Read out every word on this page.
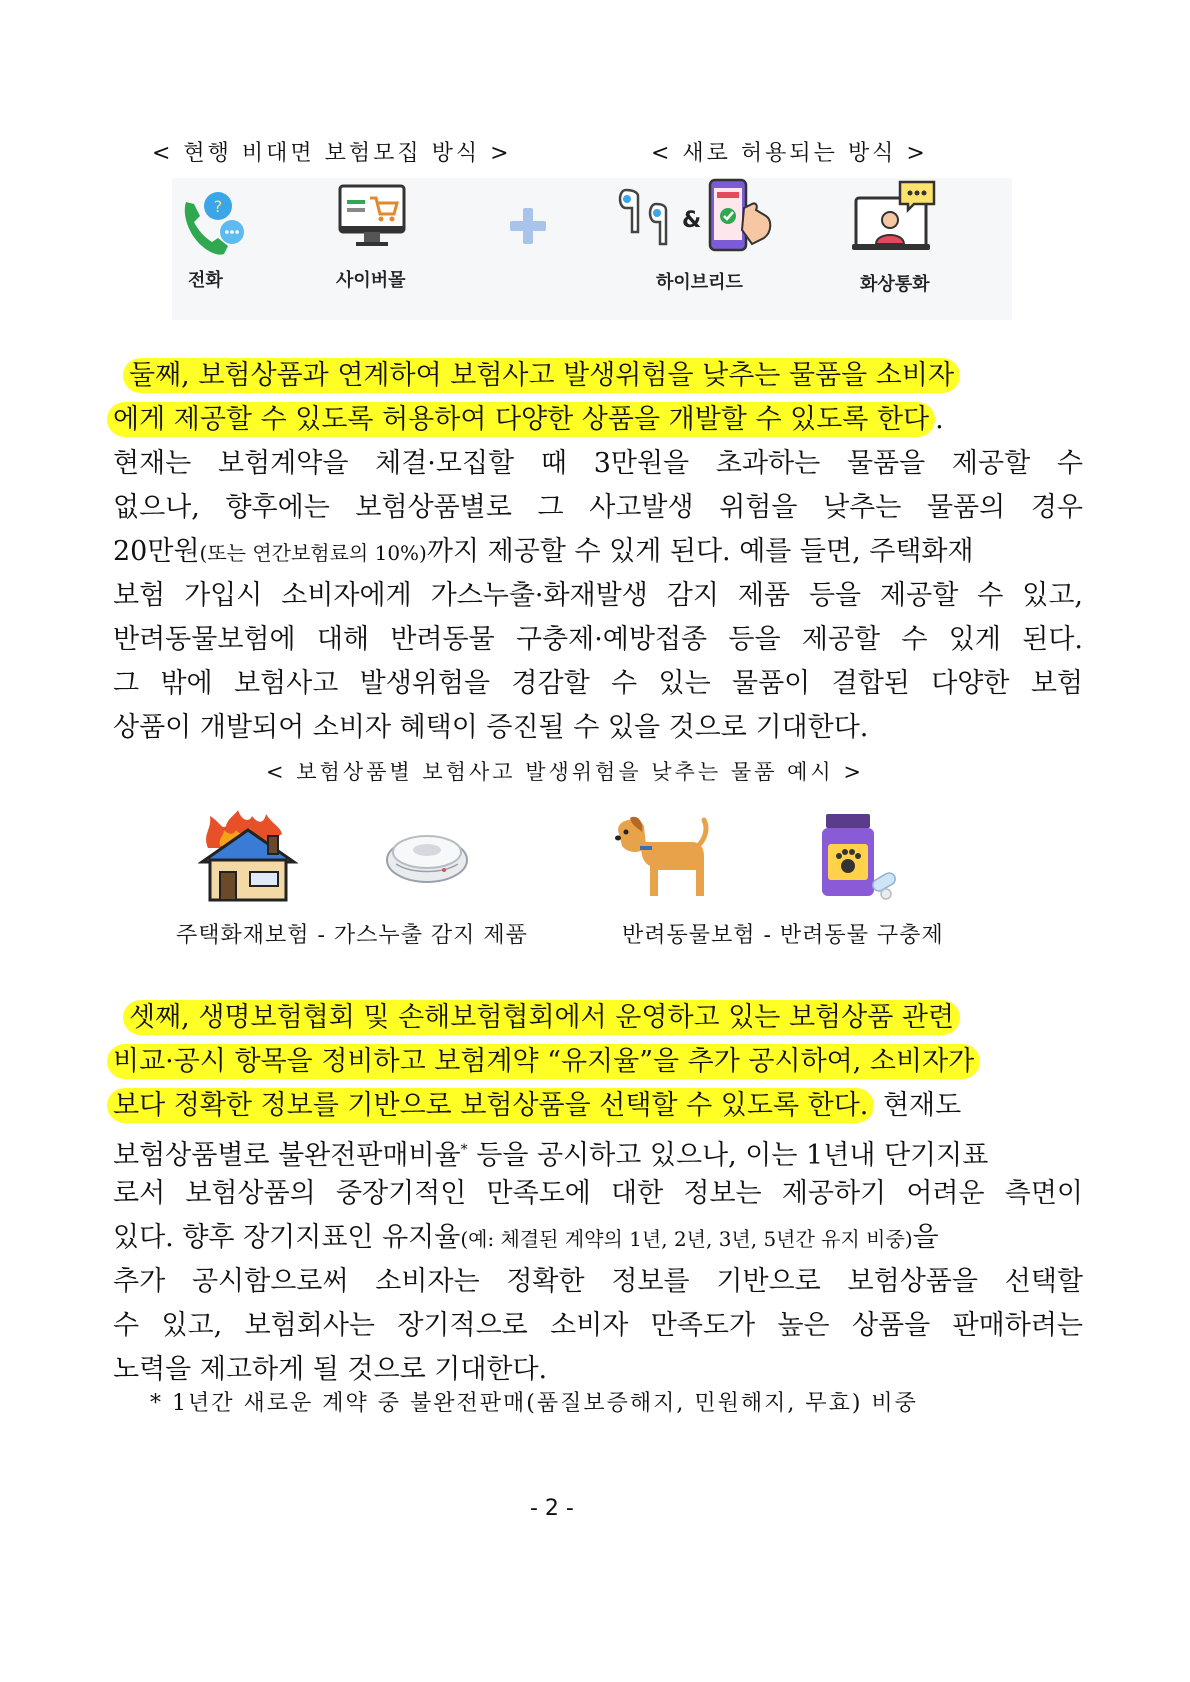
< 현행 비대면 보험모집 방식 >	< 새로 허용되는 방식 >
?
전화	사이버몰
&
하이브리드	화상통화
둘째, 보험상품과 연계하여 보험사고 발생위험을 낮추는 물품을 소비자
에게 제공할 수 있도록 허용하여 다양한 상품을 개발할 수 있도록 한다 .
현재는 보험계약을 체결·모집할 때 3만원을 초과하는 물품을 제공할 수
없으나, 향후에는 보험상품별로 그 사고발생 위험을 낮추는 물품의 경우
20만원(또는 연간보험료의 10%)까지 제공할 수 있게 된다. 예를 들면, 주택화재
보험 가입시 소비자에게 가스누출·화재발생 감지 제품 등을 제공할 수 있고,
반려동물보험에 대해 반려동물 구충제·예방접종 등을 제공할 수 있게 된다.
그 밖에 보험사고 발생위험을 경감할 수 있는 물품이 결합된 다양한 보험
상품이 개발되어 소비자 혜택이 증진될 수 있을 것으로 기대한다.
< 보험상품별 보험사고 발생위험을 낮추는 물품 예시 >
주택화재보험 - 가스누출 감지 제품	반려동물보험 - 반려동물 구충제
셋째, 생명보험협회 및 손해보험협회에서 운영하고 있는 보험상품 관련
비교·공시 항목을 정비하고 보험계약 “유지율”을 추가 공시하여, 소비자가
보다 정확한 정보를 기반으로 보험상품을 선택할 수 있도록 한다. 현재도
보험상품별로 불완전판매비율* 등을 공시하고 있으나, 이는 1년내 단기지표
로서 보험상품의 중장기적인 만족도에 대한 정보는 제공하기 어려운 측면이
있다. 향후 장기지표인 유지율(예: 체결된 계약의 1년, 2년, 3년, 5년간 유지 비중)을
추가 공시함으로써 소비자는 정확한 정보를 기반으로 보험상품을 선택할
수 있고, 보험회사는 장기적으로 소비자 만족도가 높은 상품을 판매하려는
노력을 제고하게 될 것으로 기대한다.
* 1년간 새로운 계약 중 불완전판매(품질보증해지, 민원해지, 무효) 비중
- 2 -
